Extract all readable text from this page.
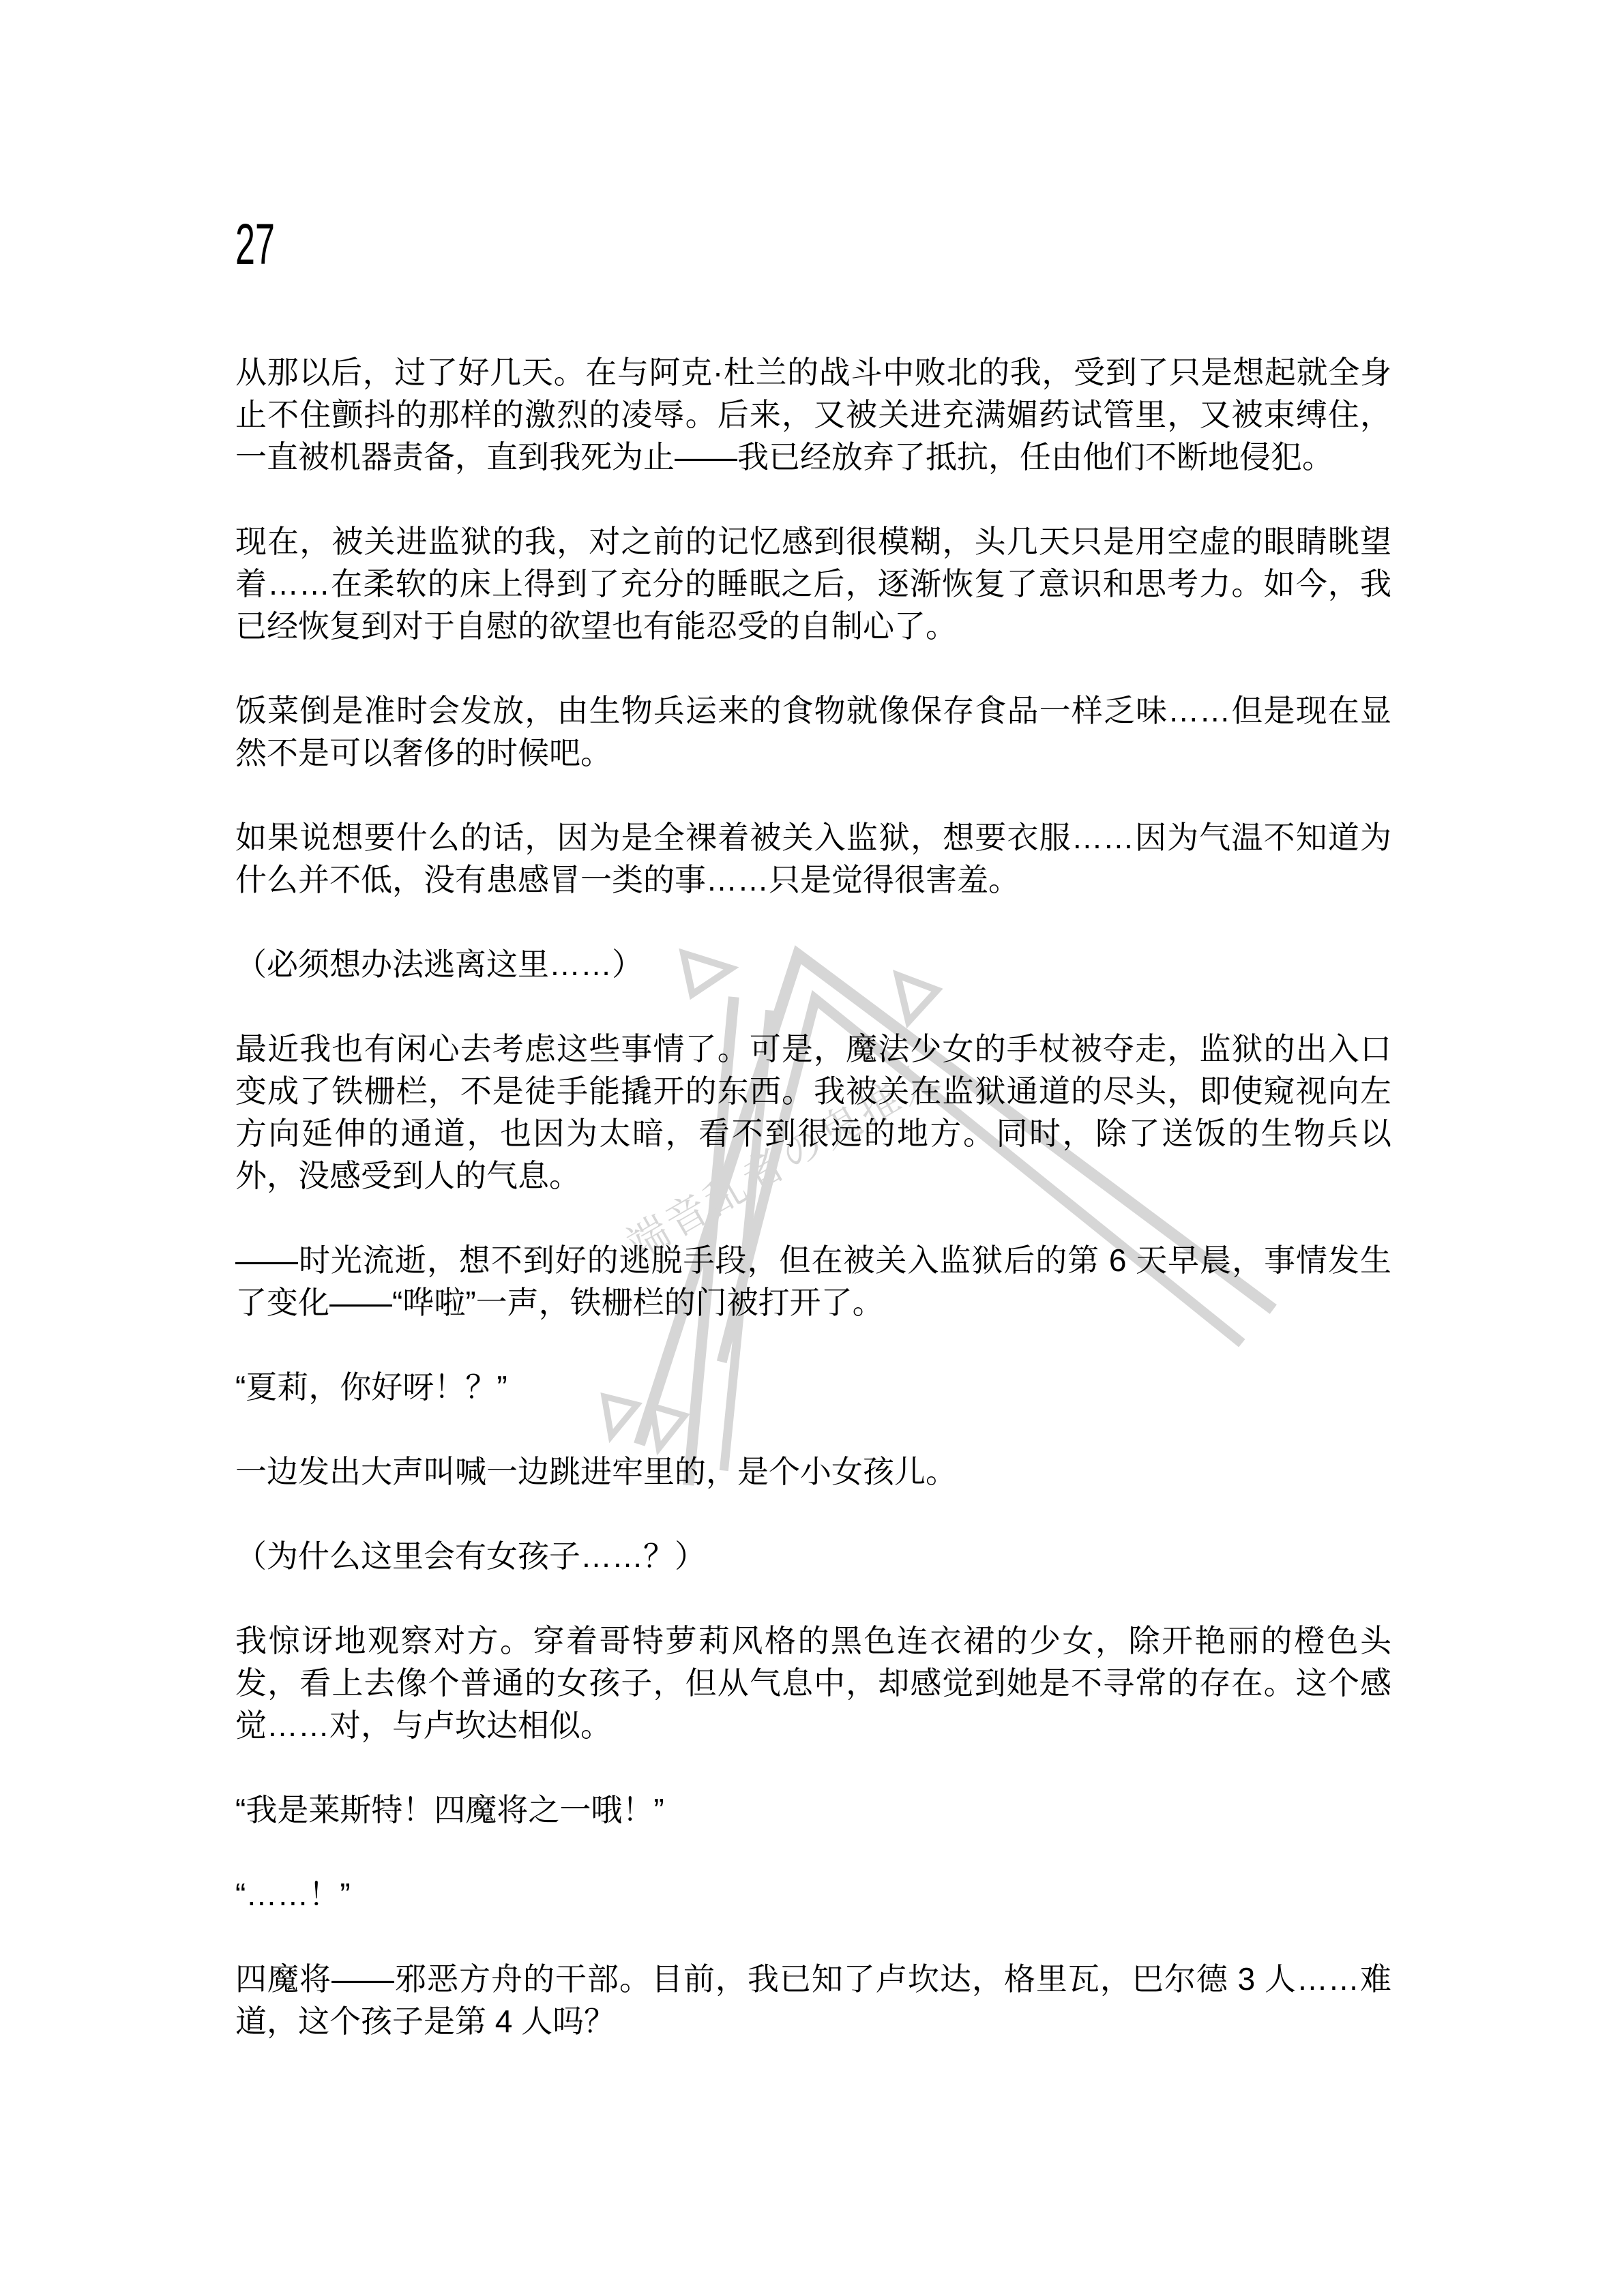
端音乱者の鬼推人
27

从那以后，过了好几天。在与阿克·杜兰的战斗中败北的我，受到了只是想起就全身止不住颤抖的那样的激烈的凌辱。后来，又被关进充满媚药试管里，又被束缚住，一直被机器责备，直到我死为止——我已经放弃了抵抗，任由他们不断地侵犯。

现在，被关进监狱的我，对之前的记忆感到很模糊，头几天只是用空虚的眼睛眺望着……在柔软的床上得到了充分的睡眠之后，逐渐恢复了意识和思考力。如今，我已经恢复到对于自慰的欲望也有能忍受的自制心了。

饭菜倒是准时会发放，由生物兵运来的食物就像保存食品一样乏味……但是现在显然不是可以奢侈的时候吧。

如果说想要什么的话，因为是全裸着被关入监狱，想要衣服……因为气温不知道为什么并不低，没有患感冒一类的事……只是觉得很害羞。

（必须想办法逃离这里……）

最近我也有闲心去考虑这些事情了。可是，魔法少女的手杖被夺走，监狱的出入口变成了铁栅栏，不是徒手能撬开的东西。我被关在监狱通道的尽头，即使窥视向左方向延伸的通道，也因为太暗，看不到很远的地方。同时，除了送饭的生物兵以外，没感受到人的气息。

——时光流逝，想不到好的逃脱手段，但在被关入监狱后的第 6 天早晨，事情发生了变化——“哗啦”一声，铁栅栏的门被打开了。

“夏莉，你好呀！？”

一边发出大声叫喊一边跳进牢里的，是个小女孩儿。

（为什么这里会有女孩子……？）

我惊讶地观察对方。穿着哥特萝莉风格的黑色连衣裙的少女，除开艳丽的橙色头发，看上去像个普通的女孩子，但从气息中，却感觉到她是不寻常的存在。这个感觉……对，与卢坎达相似。

“我是莱斯特！四魔将之一哦！”

“……！”

四魔将——邪恶方舟的干部。目前，我已知了卢坎达，格里瓦，巴尔德 3 人……难道，这个孩子是第 4 人吗？
